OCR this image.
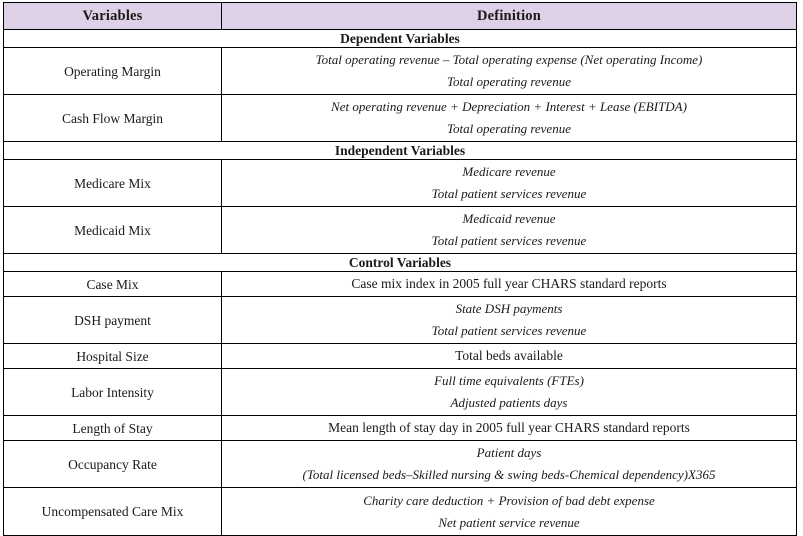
Variables	Definition
Dependent Variables	
Operating Margin	Total operating revenue – Total operating expense (Net operating Income)
Total operating revenue

Cash Flow Margin	Net operating revenue + Depreciation + Interest + Lease (EBITDA)
Total operating revenue

Independent Variables	
Medicare Mix	Medicare revenue
Total patient services revenue

Medicaid Mix	Medicaid revenue
Total patient services revenue

Control Variables	
Case Mix	Case mix index in 2005 full year CHARS standard reports
DSH payment	State DSH payments
Total patient services revenue

Hospital Size	Total beds available
Labor Intensity	Full time equivalents (FTEs)
Adjusted patients days

Length of Stay	Mean length of stay day in 2005 full year CHARS standard reports
Occupancy Rate	Patient days
(Total licensed beds–Skilled nursing & swing beds-Chemical dependency)X365

Uncompensated Care Mix	Charity care deduction + Provision of bad debt expense
Net patient service revenue
